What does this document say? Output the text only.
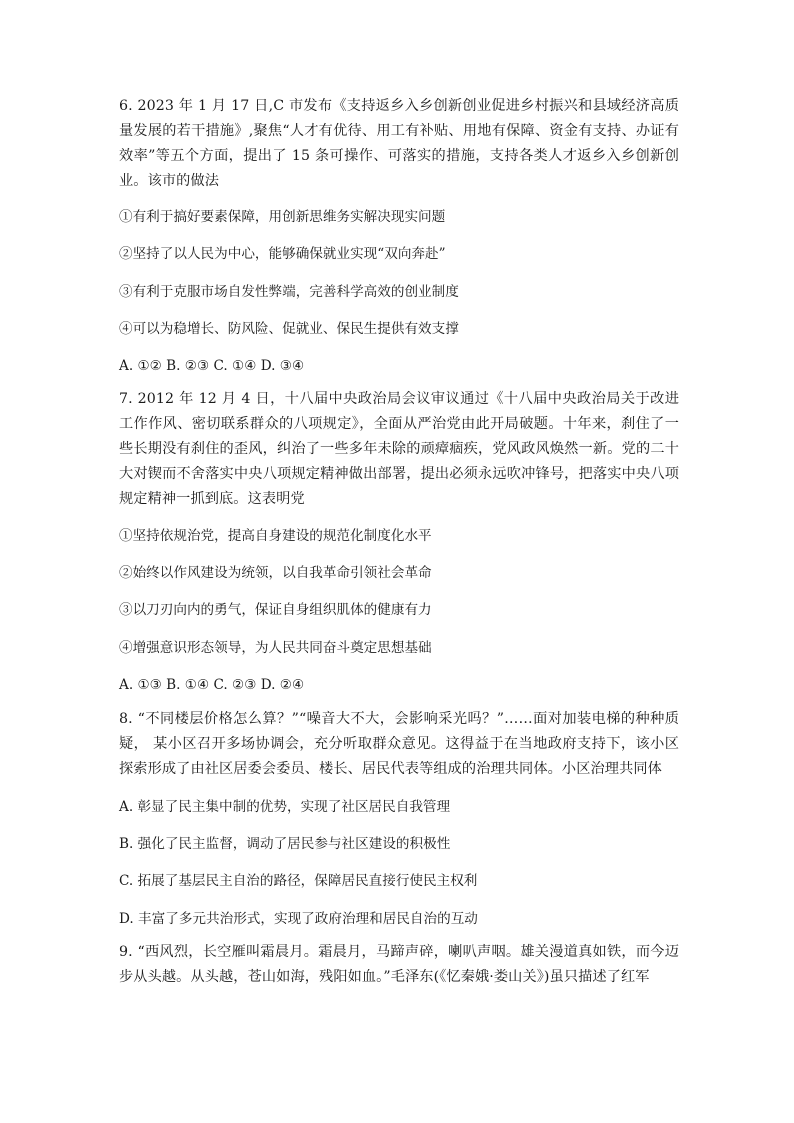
6. 2023 年 1 月 17 日,C 市发布《支持返乡入乡创新创业促进乡村振兴和县域经济高质量发展的若干措施》,聚焦“人才有优待、用工有补贴、用地有保障、资金有支持、办证有效率”等五个方面，提出了 15 条可操作、可落实的措施，支持各类人才返乡入乡创新创业。该市的做法

①有利于搞好要素保障，用创新思维务实解决现实问题

②坚持了以人民为中心，能够确保就业实现“双向奔赴”

③有利于克服市场自发性弊端，完善科学高效的创业制度

④可以为稳增长、防风险、促就业、保民生提供有效支撑

A. ①② B. ②③ C. ①④ D. ③④

7. 2012 年 12 月 4 日，十八届中央政治局会议审议通过《十八届中央政治局关于改进工作作风、密切联系群众的八项规定》，全面从严治党由此开局破题。十年来，刹住了一些长期没有刹住的歪风，纠治了一些多年未除的顽瘴痼疾，党风政风焕然一新。党的二十大对锲而不舍落实中央八项规定精神做出部署，提出必须永远吹冲锋号，把落实中央八项规定精神一抓到底。这表明党

①坚持依规治党，提高自身建设的规范化制度化水平

②始终以作风建设为统领，以自我革命引领社会革命

③以刀刃向内的勇气，保证自身组织肌体的健康有力

④增强意识形态领导，为人民共同奋斗奠定思想基础

A. ①③ B. ①④ C. ②③ D. ②④

8. “不同楼层价格怎么算？”“噪音大不大，会影响采光吗？”……面对加装电梯的种种质疑， 某小区召开多场协调会，充分听取群众意见。这得益于在当地政府支持下，该小区探索形成了由社区居委会委员、楼长、居民代表等组成的治理共同体。小区治理共同体

A. 彰显了民主集中制的优势，实现了社区居民自我管理

B. 强化了民主监督，调动了居民参与社区建设的积极性

C. 拓展了基层民主自治的路径，保障居民直接行使民主权利

D. 丰富了多元共治形式，实现了政府治理和居民自治的互动

9. “西风烈，长空雁叫霜晨月。霜晨月，马蹄声碎，喇叭声咽。雄关漫道真如铁，而今迈步从头越。从头越，苍山如海，残阳如血。”毛泽东(《忆秦娥·娄山关》)虽只描述了红军
